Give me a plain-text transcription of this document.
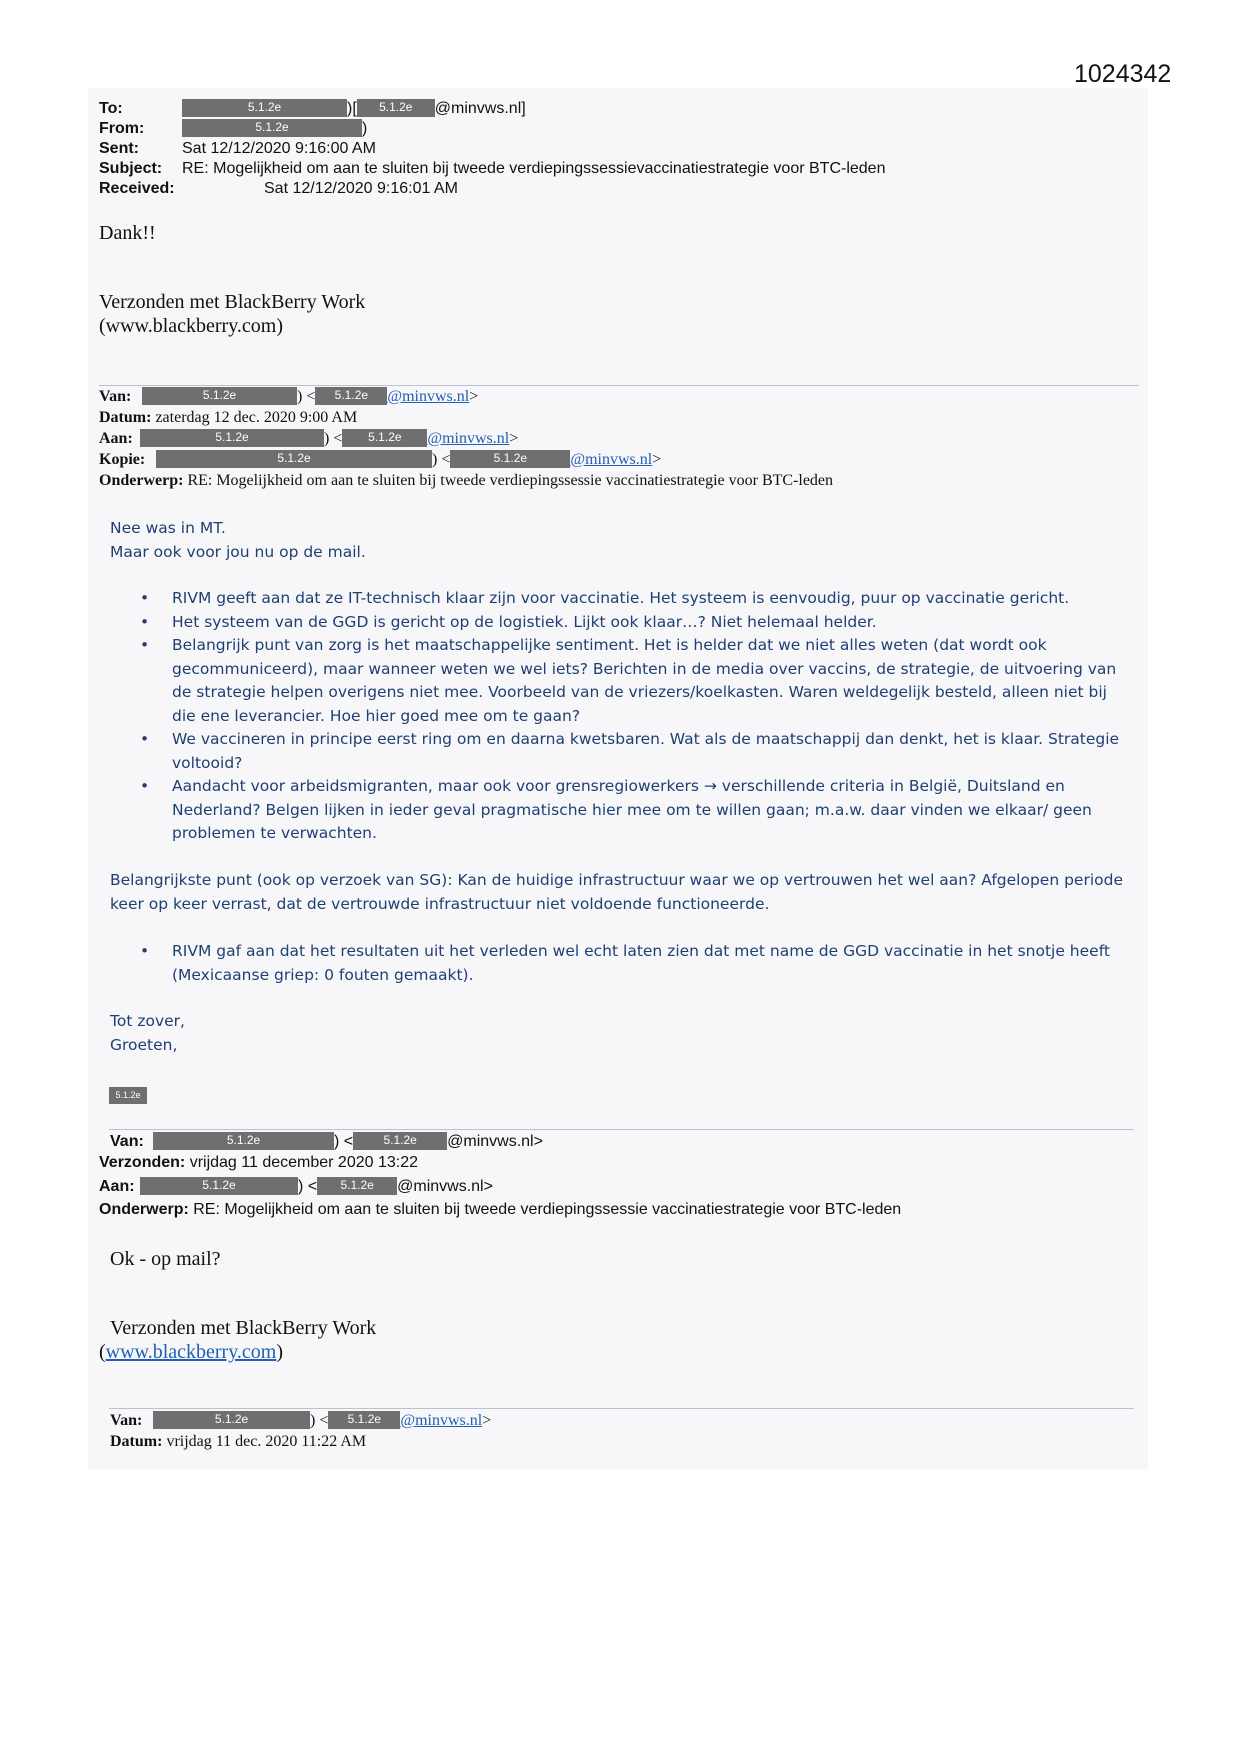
1024342
To:	5.1.2e	)[ 5.1.2e @minvws.nl]
From:	5.1.2e	)
Sent:	Sat 12/12/2020 9:16:00 AM
Subject: RE: Mogelijkheid om aan te sluiten bij tweede verdiepingssessievaccinatiestrategie voor BTC-leden
Received:	Sat 12/12/2020 9:16:01 AM
Dank!!
Verzonden met BlackBerry Work
(www.blackberry.com)
Van:	5.1.2e	) < 5.1.2e @minvws.nl>
Datum: zaterdag 12 dec. 2020 9:00 AM
Aan:	5.1.2e	) < 5.1.2e @minvws.nl>
Kopie:	5.1.2e	) <	5.1.2e	@minvws.nl>
Onderwerp: RE: Mogelijkheid om aan te sluiten bij tweede verdiepingssessie vaccinatiestrategie voor BTC-leden
Nee was in MT.
Maar ook voor jou nu op de mail.
• RIVM geeft aan dat ze IT-technisch klaar zijn voor vaccinatie. Het systeem is eenvoudig, puur op vaccinatie gericht.
• Het systeem van de GGD is gericht op de logistiek. Lijkt ook klaar…? Niet helemaal helder.
• Belangrijk punt van zorg is het maatschappelijke sentiment. Het is helder dat we niet alles weten (dat wordt ook gecommuniceerd), maar wanneer weten we wel iets? Berichten in de media over vaccins, de strategie, de uitvoering van de strategie helpen overigens niet mee. Voorbeeld van de vriezers/koelkasten. Waren weldegelijk besteld, alleen niet bij die ene leverancier. Hoe hier goed mee om te gaan?
• We vaccineren in principe eerst ring om en daarna kwetsbaren. Wat als de maatschappij dan denkt, het is klaar. Strategie voltooid?
• Aandacht voor arbeidsmigranten, maar ook voor grensregiowerkers → verschillende criteria in België, Duitsland en Nederland? Belgen lijken in ieder geval pragmatische hier mee om te willen gaan; m.a.w. daar vinden we elkaar/ geen problemen te verwachten.
Belangrijkste punt (ook op verzoek van SG): Kan de huidige infrastructuur waar we op vertrouwen het wel aan? Afgelopen periode keer op keer verrast, dat de vertrouwde infrastructuur niet voldoende functioneerde.
• RIVM gaf aan dat het resultaten uit het verleden wel echt laten zien dat met name de GGD vaccinatie in het snotje heeft (Mexicaanse griep: 0 fouten gemaakt).
Tot zover,
Groeten,
5.1.2e
Van:	5.1.2e	) <	5.1.2e @minvws.nl>
Verzonden: vrijdag 11 december 2020 13:22
Aan:	5.1.2e	) < 5.1.2e @minvws.nl>
Onderwerp: RE: Mogelijkheid om aan te sluiten bij tweede verdiepingssessie vaccinatiestrategie voor BTC-leden
Ok - op mail?
Verzonden met BlackBerry Work
(www.blackberry.com)
Van:	5.1.2e	) < 5.1.2e @minvws.nl>
Datum: vrijdag 11 dec. 2020 11:22 AM
